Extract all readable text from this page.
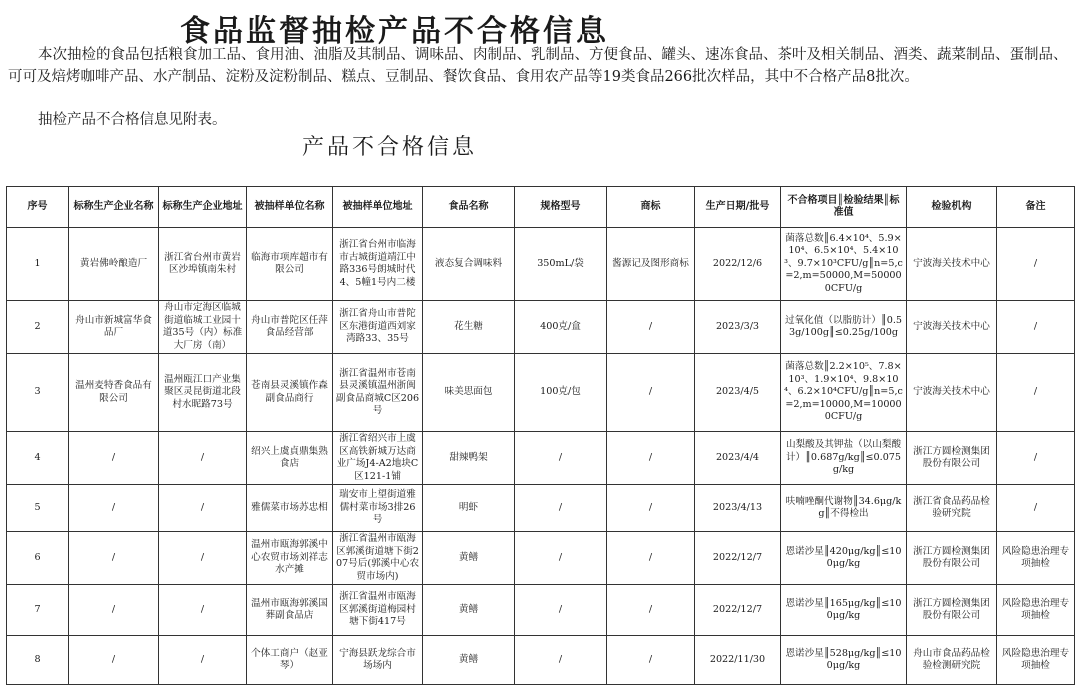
食品监督抽检产品不合格信息
本次抽检的食品包括粮食加工品、食用油、油脂及其制品、调味品、肉制品、乳制品、方便食品、罐头、速冻食品、茶叶及相关制品、酒类、蔬菜制品、蛋制品、可可及焙烤咖啡产品、水产制品、淀粉及淀粉制品、糕点、豆制品、餐饮食品、食用农产品等19类食品266批次样品，其中不合格产品8批次。
抽检产品不合格信息见附表。
产品不合格信息
序号	标称生产企业名称	标称生产企业地址	被抽样单位名称	被抽样单位地址	食品名称	规格型号	商标	生产日期/批号	不合格项目║检验结果║标准值	检验机构	备注
1	黄岩佛岭酿造厂	浙江省台州市黄岩区沙埠镇南朱村	临海市项库超市有限公司	浙江省台州市临海市古城街道靖江中路336号朗城时代4、5幢1号内二楼	液态复合调味料	350mL/袋	酱源记及图形商标	2022/12/6	菌落总数║6.4×10⁴、5.9×10⁴、6.5×10⁴、5.4×10³、9.7×10³CFU/g║n=5,c=2,m=50000,M=500000CFU/g	宁波海关技术中心	/
2	舟山市新城富华食品厂	舟山市定海区临城街道临城工业园十道35号（内）标准大厂房（南）	舟山市普陀区任萍食品经营部	浙江省舟山市普陀区东港街道西刘家湾路33、35号	花生糖	400克/盒	/	2023/3/3	过氧化值（以脂肪计）║0.53g/100g║≤0.25g/100g	宁波海关技术中心	/
3	温州麦特香食品有限公司	温州瓯江口产业集聚区灵昆街道北段村水昵路73号	苍南县灵溪镇作森副食品商行	浙江省温州市苍南县灵溪镇温州浙闽副食品商城C区206号	味美思面包	100克/包	/	2023/4/5	菌落总数║2.2×10⁵、7.8×10³、1.9×10⁴、9.8×10⁴、6.2×10⁴CFU/g║n=5,c=2,m=10000,M=100000CFU/g	宁波海关技术中心	/
4	/	/	绍兴上虞貞鼎集熟食店	浙江省绍兴市上虞区高铁新城万达商业广场J4-A2地块C区121-1铺	甜辣鸭架	/	/	2023/4/4	山梨酸及其钾盐（以山梨酸计）║0.687g/kg║≤0.075g/kg	浙江方圆检测集团股份有限公司	/
5	/	/	雅儒菜市场苏忠相	瑞安市上望街道雅儒村菜市场3排26号	明虾	/	/	2023/4/13	呋喃唑酮代谢物║34.6μg/kg║不得检出	浙江省食品药品检验研究院	/
6	/	/	温州市瓯海郭溪中心农贸市场刘祥志水产摊	浙江省温州市瓯海区郭溪街道塘下街207号后(郭溪中心农贸市场内)	黄鳝	/	/	2022/12/7	恩诺沙星║420μg/kg║≤100μg/kg	浙江方圆检测集团股份有限公司	风险隐患治理专项抽检
7	/	/	温州市瓯海郭溪国葬副食品店	浙江省温州市瓯海区郭溪街道梅园村塘下街417号	黄鳝	/	/	2022/12/7	恩诺沙星║165μg/kg║≤100μg/kg	浙江方圆检测集团股份有限公司	风险隐患治理专项抽检
8	/	/	个体工商户（赵亚琴）	宁海县跃龙综合市场场内	黄鳝	/	/	2022/11/30	恩诺沙星║528μg/kg║≤100μg/kg	舟山市食品药品检验检测研究院	风险隐患治理专项抽检
